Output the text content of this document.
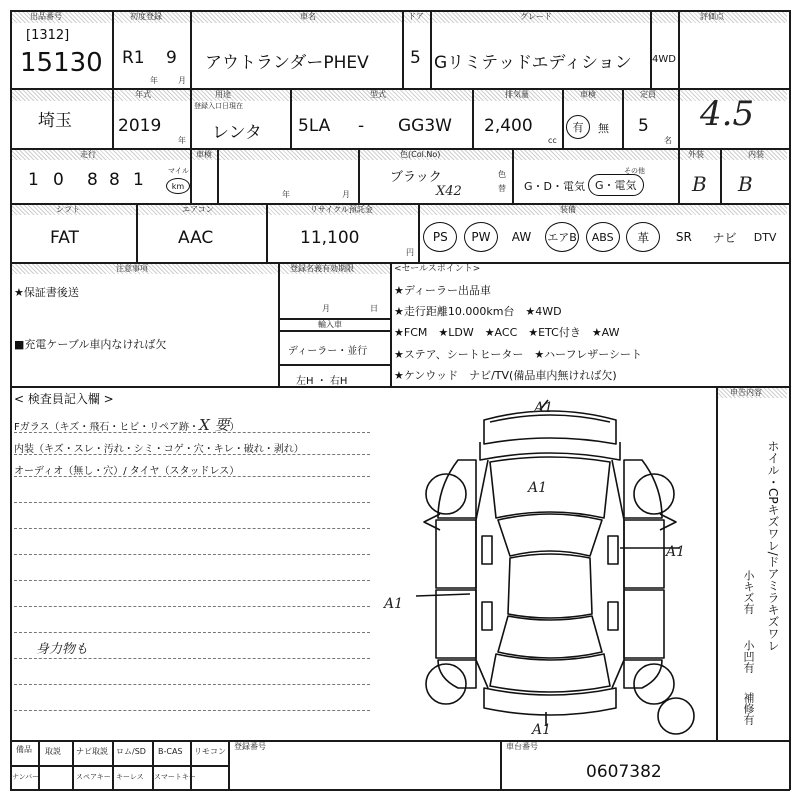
出品番号
[1312]
15130
初度登録
R1 9
年	月
車名
アウトランダーPHEV
ドア
5
グレード
Gリミテッドエディション 4WD
評価点
埼玉
年式
2019
年
用途
登録入口日現在
レンタ
型式
5LA - GG3W
排気量
2,400
cc
車検
有 無
定員
5
名
4.5
走行
1 0 8 8 1	マイル
km
車検
年	月
色(Col.No)
ブラック
X42
色
替 G・D・電気
その他
G・電気
外装
B
内装
B
シフト
FAT
エアコン
AAC
リサイクル預託金
11,100
円
装備
PS	PW	AW エアB	ABS	革	SR ナビ DTV
注意事項
★保証書後送
■充電ケーブル車内なければ欠
登録名義有効期限
月	日
輸入車
ディーラー・並行
左H ・ 右H
<セールスポイント>
★ディーラー出品車
★走行距離10.000km台　★4WD
★FCM　★LDW　★ACC　★ETC付き　★AW
★ステア、シートヒーター　★ハーフレザーシート
★ケンウッド　ナビ/TV(備品車内無ければ欠)
< 検査員記入欄 >
Fガラス（キズ・飛石・ヒビ・リペア跡・X 要）
内装（キズ・スレ・汚れ・シミ・コゲ・穴・キレ・破れ・剥れ）
オーディオ（無し・穴）/ タイヤ（スタッドレス）
身力物も
A1
A1
A1
A1
A1
申告内容
ホイル・CPキズワレ/ドアミラキズワレ
小キズ有
小凹有
補修有
備品 取説 ナビ取説 ロム/SD B-CAS リモコン
ナンバー	スペアキー キーレス スマートキー
登録番号	車台番号
0607382
